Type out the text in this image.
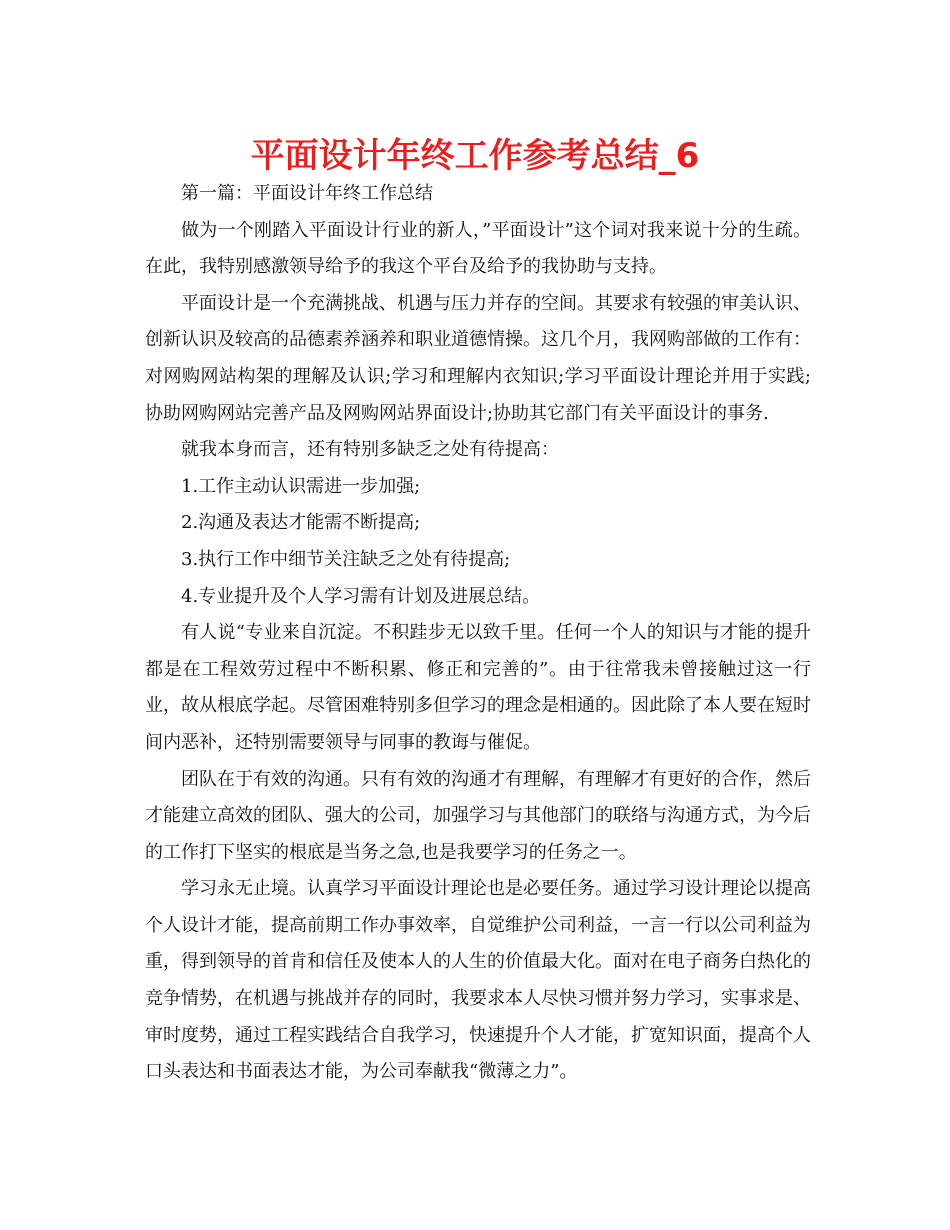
平面设计年终工作参考总结_6

第一篇：平面设计年终工作总结

做为一个刚踏入平面设计行业的新人，”平面设计”这个词对我来说十分的生疏。在此，我特别感激领导给予的我这个平台及给予的我协助与支持。

平面设计是一个充满挑战、机遇与压力并存的空间。其要求有较强的审美认识、创新认识及较高的品德素养涵养和职业道德情操。这几个月，我网购部做的工作有：对网购网站构架的理解及认识;学习和理解内衣知识;学习平面设计理论并用于实践;协助网购网站完善产品及网购网站界面设计;协助其它部门有关平面设计的事务.

就我本身而言，还有特别多缺乏之处有待提高：

1.工作主动认识需进一步加强;

2.沟通及表达才能需不断提高;

3.执行工作中细节关注缺乏之处有待提高;

4.专业提升及个人学习需有计划及进展总结。

有人说“专业来自沉淀。不积跬步无以致千里。任何一个人的知识与才能的提升都是在工程效劳过程中不断积累、修正和完善的”。由于往常我未曾接触过这一行业，故从根底学起。尽管困难特别多但学习的理念是相通的。因此除了本人要在短时间内恶补，还特别需要领导与同事的教诲与催促。

团队在于有效的沟通。只有有效的沟通才有理解，有理解才有更好的合作，然后才能建立高效的团队、强大的公司，加强学习与其他部门的联络与沟通方式，为今后的工作打下坚实的根底是当务之急,也是我要学习的任务之一。

学习永无止境。认真学习平面设计理论也是必要任务。通过学习设计理论以提高个人设计才能，提高前期工作办事效率，自觉维护公司利益，一言一行以公司利益为重，得到领导的首肯和信任及使本人的人生的价值最大化。面对在电子商务白热化的竞争情势，在机遇与挑战并存的同时，我要求本人尽快习惯并努力学习，实事求是、审时度势，通过工程实践结合自我学习，快速提升个人才能，扩宽知识面，提高个人口头表达和书面表达才能，为公司奉献我“微薄之力”。
